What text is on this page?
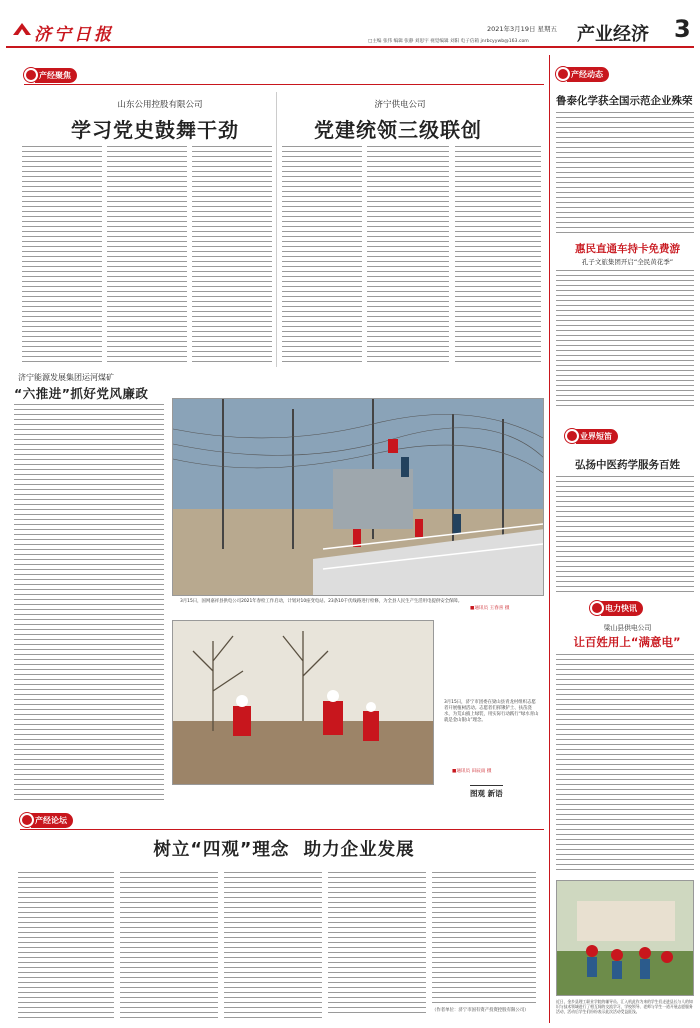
济宁日报	2021年3月19日 星期五 产业经济 3
□主编 张伟 编辑 张静 刘思宇 视觉编辑 刘阳 电子信箱 jnrbcyywb@163.com
产经聚焦
山东公用控股有限公司
学习党史鼓舞干劲
济宁供电公司
党建统领三级联创
济宁能源发展集团运河煤矿
“六推进”抓好党风廉政
3月15日，国网嘉祥县供电公司2021年春检工作启动，计划对10座变电站、23条10千伏线路进行检修，为全县人民生产生活用电提供安全保障。
■通讯员 王春喜 摄
3月15日，济宁市团委在梁山县青龙村组织志愿者开展植树活动。志愿者们挥锹铲土、扶苗浇水，为荒山披上绿装，用实际行动践行“绿水青山就是金山银山”理念。
■通讯员 田辰雨 摄
图观 新语
产经论坛
树立“四观”理念  助力企业发展
（作者单位：济宁市国有资产投资控股有限公司）
产经动态
鲁泰化学获全国示范企业殊荣
惠民直通车持卡免费游
孔子文旅集团开启“全民黄花季”
业界短笛
弘扬中医药学服务百姓
电力快讯
梁山县供电公司
让百姓用上“满意电”
近日，金乡县理工职业学院的辅导员、汇入机此作为来的学生们走进县长与人的知识与技术领域进行了相互间的交流学习，学校领导、老师与学生一道开展志愿服务活动，活动后学生们纷纷表示此次活动受益匪浅。
